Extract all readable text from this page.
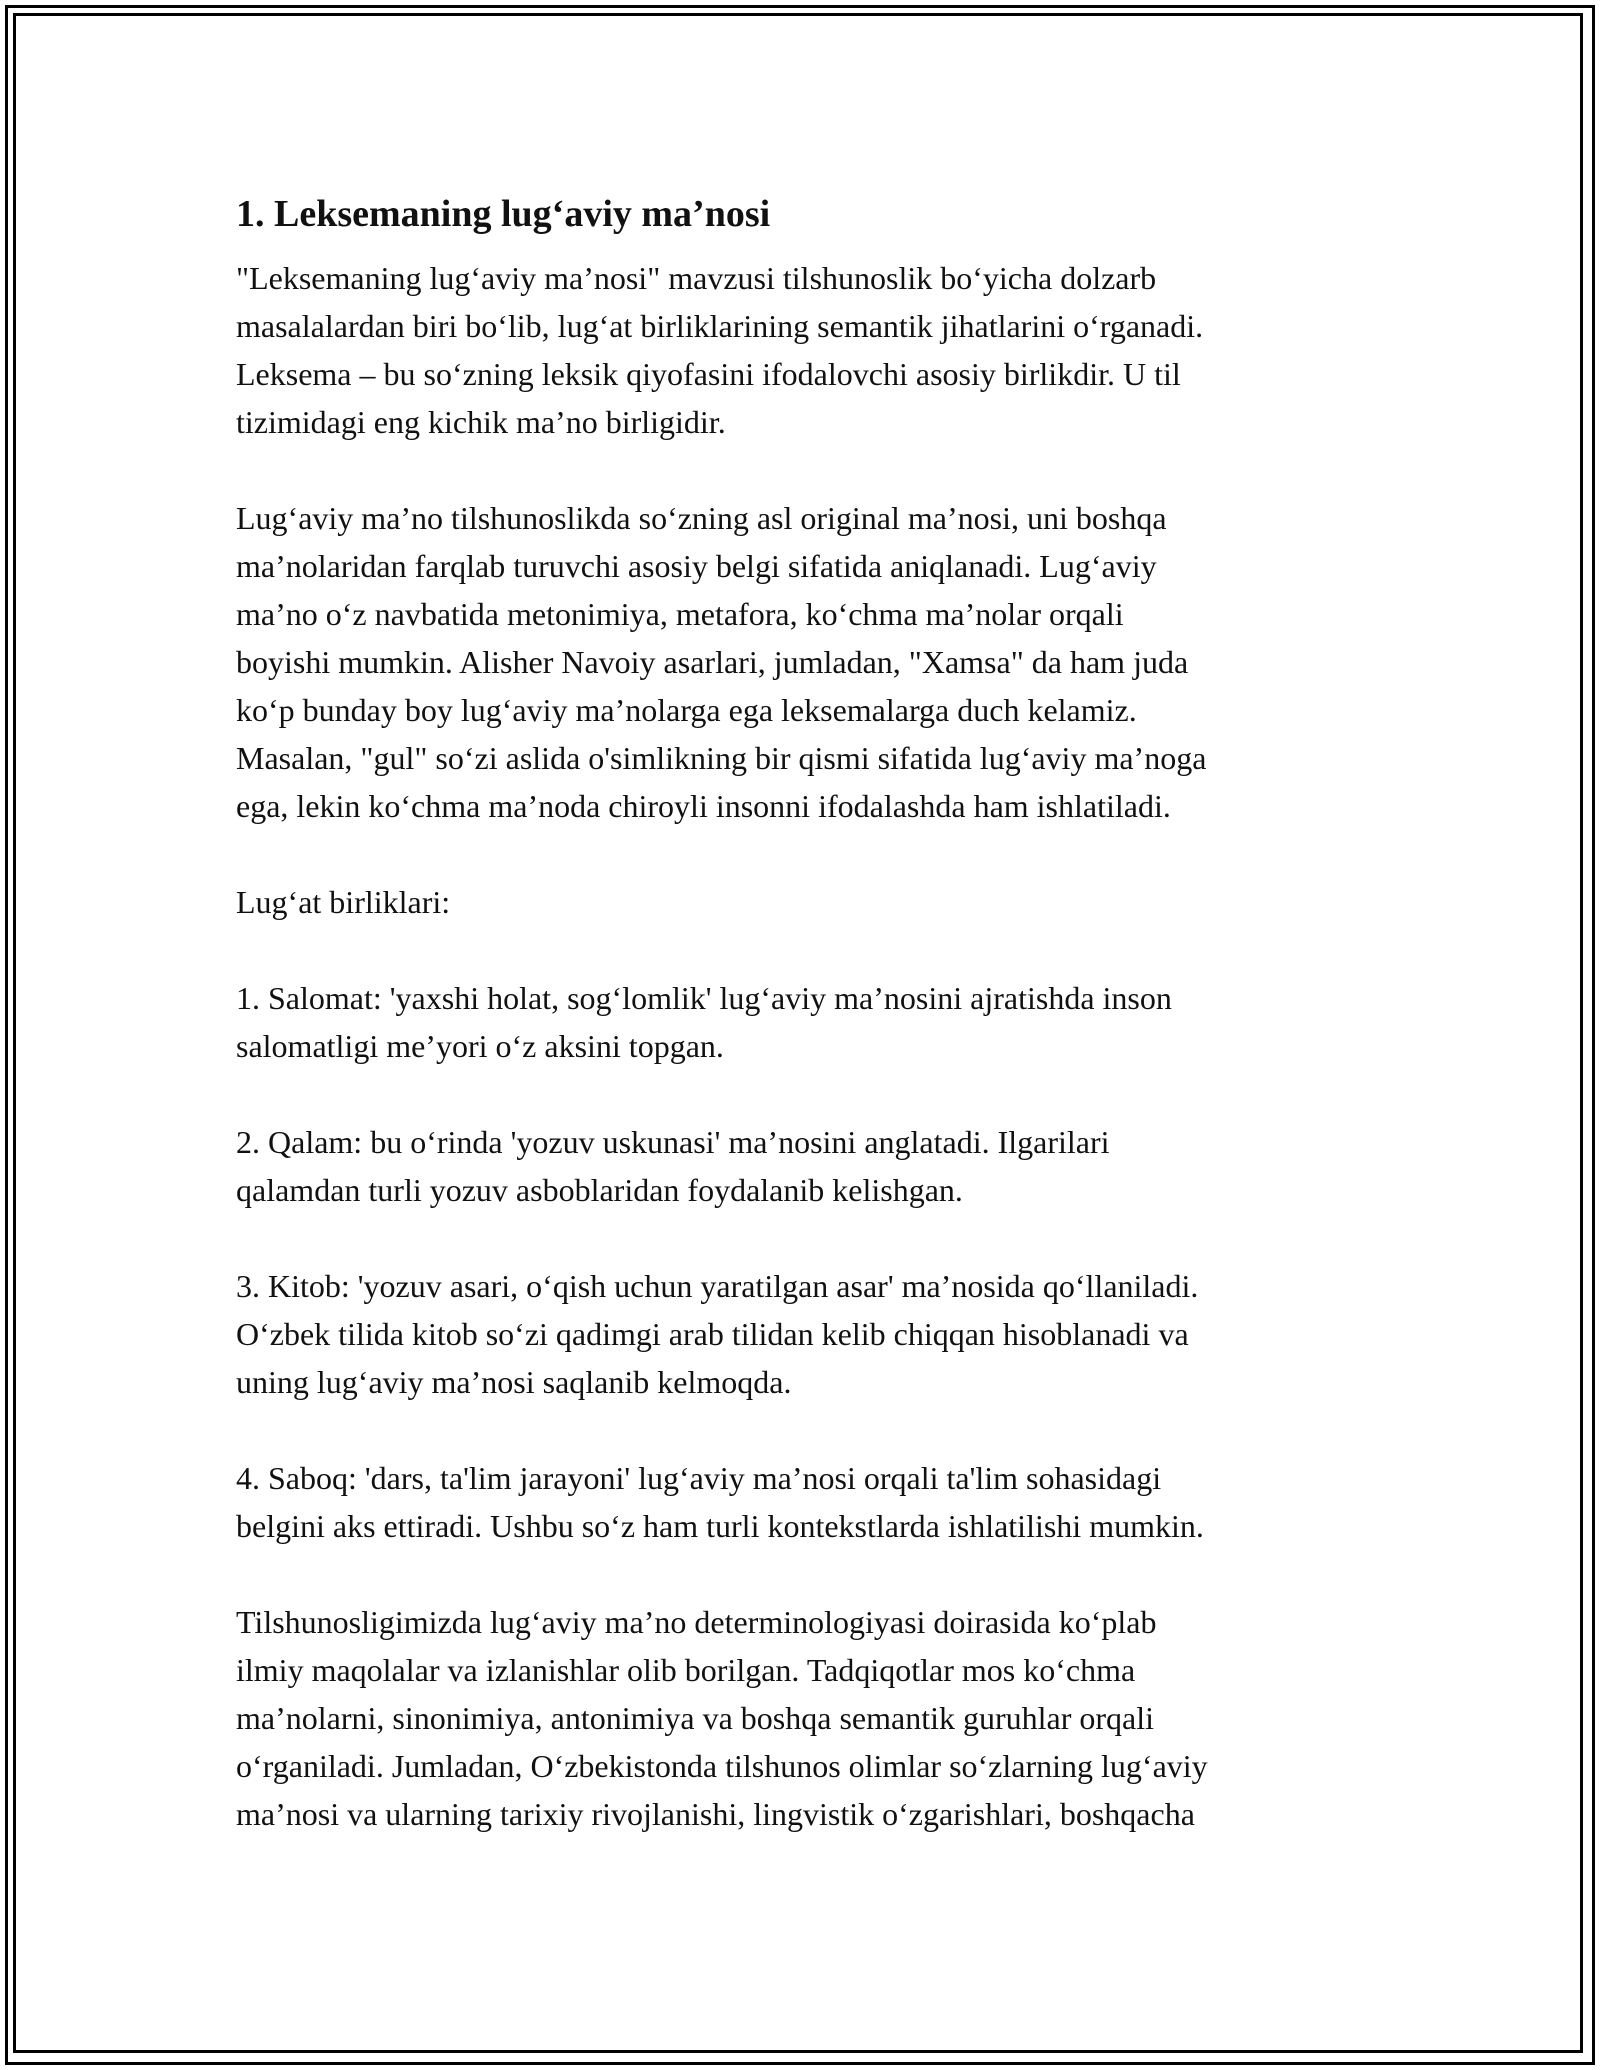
1. Leksemaning lug‘aviy ma’nosi
"Leksemaning lug‘aviy ma’nosi" mavzusi tilshunoslik bo‘yicha dolzarb
masalalardan biri bo‘lib, lug‘at birliklarining semantik jihatlarini o‘rganadi.
Leksema – bu so‘zning leksik qiyofasini ifodalovchi asosiy birlikdir. U til
tizimidagi eng kichik ma’no birligidir.
Lug‘aviy ma’no tilshunoslikda so‘zning asl original ma’nosi, uni boshqa
ma’nolaridan farqlab turuvchi asosiy belgi sifatida aniqlanadi. Lug‘aviy
ma’no o‘z navbatida metonimiya, metafora, ko‘chma ma’nolar orqali
boyishi mumkin. Alisher Navoiy asarlari, jumladan, "Xamsa" da ham juda
ko‘p bunday boy lug‘aviy ma’nolarga ega leksemalarga duch kelamiz.
Masalan, "gul" so‘zi aslida o'simlikning bir qismi sifatida lug‘aviy ma’noga
ega, lekin ko‘chma ma’noda chiroyli insonni ifodalashda ham ishlatiladi.
Lug‘at birliklari:
1. Salomat: 'yaxshi holat, sog‘lomlik' lug‘aviy ma’nosini ajratishda inson
salomatligi me’yori o‘z aksini topgan.
2. Qalam: bu o‘rinda 'yozuv uskunasi' ma’nosini anglatadi. Ilgarilari
qalamdan turli yozuv asboblaridan foydalanib kelishgan.
3. Kitob: 'yozuv asari, o‘qish uchun yaratilgan asar' ma’nosida qo‘llaniladi.
O‘zbek tilida kitob so‘zi qadimgi arab tilidan kelib chiqqan hisoblanadi va
uning lug‘aviy ma’nosi saqlanib kelmoqda.
4. Saboq: 'dars, ta'lim jarayoni' lug‘aviy ma’nosi orqali ta'lim sohasidagi
belgini aks ettiradi. Ushbu so‘z ham turli kontekstlarda ishlatilishi mumkin.
Tilshunosligimizda lug‘aviy ma’no determinologiyasi doirasida ko‘plab
ilmiy maqolalar va izlanishlar olib borilgan. Tadqiqotlar mos ko‘chma
ma’nolarni, sinonimiya, antonimiya va boshqa semantik guruhlar orqali
o‘rganiladi. Jumladan, O‘zbekistonda tilshunos olimlar so‘zlarning lug‘aviy
ma’nosi va ularning tarixiy rivojlanishi, lingvistik o‘zgarishlari, boshqacha
